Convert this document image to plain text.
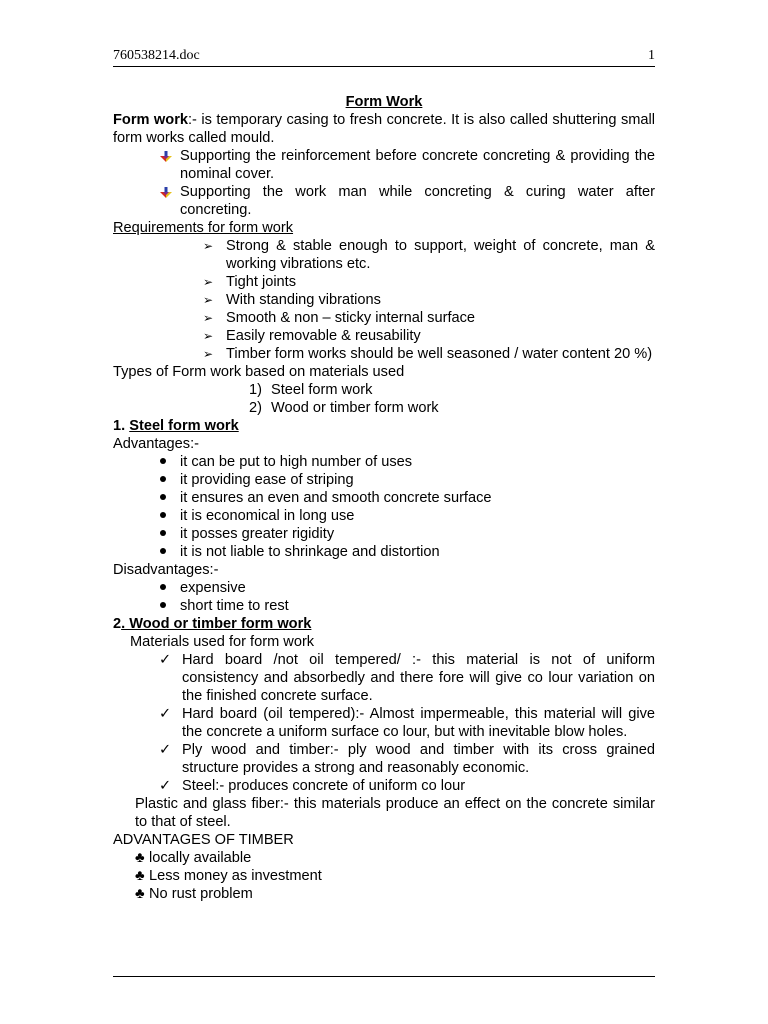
760538214.doc	1

Form Work

Form work:- is temporary casing to fresh concrete. It is also called shuttering small form works called mould.

Supporting the reinforcement before concrete concreting & providing the nominal cover.
Supporting the work man while concreting & curing water after concreting.

Requirements for form work

➢ Strong & stable enough to support, weight of concrete, man & working vibrations etc.
➢ Tight joints
➢ With standing vibrations
➢ Smooth & non – sticky internal surface
➢ Easily removable & reusability
➢ Timber form works should be well seasoned / water content 20 %)

Types of Form work based on materials used

1) Steel form work
2) Wood or timber form work

1. Steel form work

Advantages:-

it can be put to high number of uses
it providing ease of striping
it ensures an even and smooth concrete surface
it is economical in long use
it posses greater rigidity
it is not liable to shrinkage and distortion

Disadvantages:-

expensive
short time to rest

2. Wood or timber form work

Materials used for form work

✓ Hard board /not oil tempered/ :- this material is not of uniform consistency and absorbedly and there fore will give co lour variation on the finished concrete surface.
✓ Hard board (oil tempered):- Almost impermeable, this material will give the concrete a uniform surface co lour, but with inevitable blow holes.
✓ Ply wood and timber:- ply wood and timber with its cross grained structure provides a strong and reasonably economic.
✓ Steel:- produces concrete of uniform co lour

Plastic and glass fiber:- this materials produce an effect on the concrete similar to that of steel.

ADVANTAGES OF TIMBER

♣ locally available
♣ Less money as investment
♣ No rust problem
